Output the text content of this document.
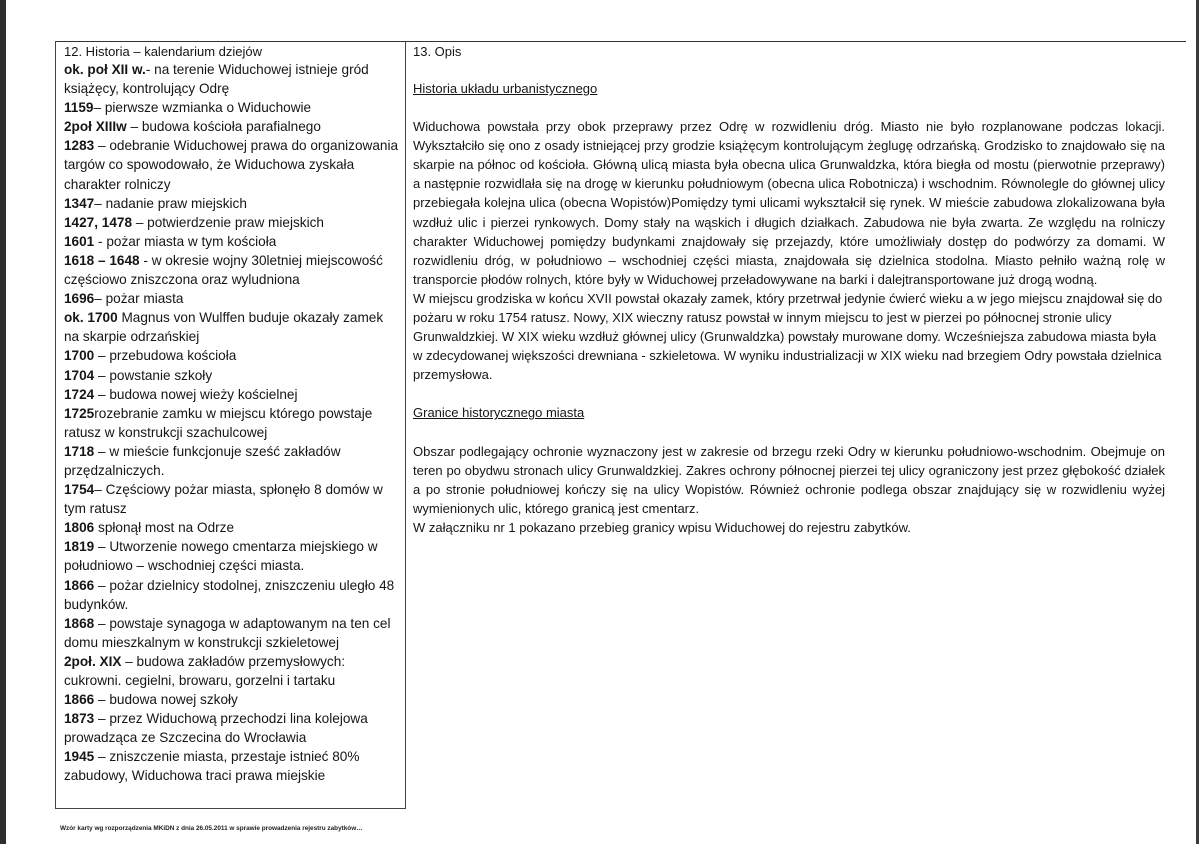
12. Historia – kalendarium dziejów
ok. poł XII w.- na terenie Widuchowej istnieje gród książęcy, kontrolujący Odrę
1159– pierwsze wzmianka o Widuchowie
2poł XIIIw – budowa kościoła parafialnego
1283 – odebranie Widuchowej prawa do organizowania targów co spowodowało, że Widuchowa zyskała charakter rolniczy
1347– nadanie praw miejskich
1427, 1478 – potwierdzenie praw miejskich
1601 - pożar miasta w tym kościoła
1618 – 1648 - w okresie wojny 30letniej miejscowość częściowo zniszczona oraz wyludniona
1696– pożar miasta
ok. 1700 Magnus von Wulffen buduje okazały zamek na skarpie odrzańskiej
1700 – przebudowa kościoła
1704 – powstanie szkoły
1724 – budowa nowej wieży kościelnej
1725rozebranie zamku w miejscu którego powstaje ratusz w konstrukcji szachulcowej
1718 – w mieście funkcjonuje sześć zakładów przędzalniczych.
1754– Częściowy pożar miasta, spłonęło 8 domów w tym ratusz
1806 spłonął most na Odrze
1819 – Utworzenie nowego cmentarza miejskiego w południowo – wschodniej części miasta.
1866 – pożar dzielnicy stodolnej, zniszczeniu uległo 48 budynków.
1868 – powstaje synagoga w adaptowanym na ten cel domu mieszkalnym w konstrukcji szkieletowej
2poł. XIX – budowa zakładów przemysłowych: cukrowni. cegielni, browaru, gorzelni i tartaku
1866 – budowa nowej szkoły
1873 – przez Widuchową przechodzi lina kolejowa prowadząca ze Szczecina do Wrocławia
1945 – zniszczenie miasta, przestaje istnieć 80% zabudowy, Widuchowa traci prawa miejskie
13. Opis
Historia układu urbanistycznego

Widuchowa powstała przy obok przeprawy przez Odrę w rozwidleniu dróg. Miasto nie było rozplanowane podczas lokacji. Wykształciło się ono z osady istniejącej przy grodzie książęcym kontrolującym żeglugę odrzańską. Grodzisko to znajdowało się na skarpie na północ od kościoła. Główną ulicą miasta była obecna ulica Grunwaldzka, która biegła od mostu (pierwotnie przeprawy) a następnie rozwidlała się na drogę w kierunku południowym (obecna ulica Robotnicza) i wschodnim. Równolegle do głównej ulicy przebiegała kolejna ulica (obecna Wopistów)Pomiędzy tymi ulicami wykształcił się rynek. W mieście zabudowa zlokalizowana była wzdłuż ulic i pierzei rynkowych. Domy stały na wąskich i długich działkach. Zabudowa nie była zwarta. Ze względu na rolniczy charakter Widuchowej pomiędzy budynkami znajdowały się przejazdy, które umożliwiały dostęp do podwórzy za domami. W rozwidleniu dróg, w południowo – wschodniej części miasta, znajdowała się dzielnica stodolna. Miasto pełniło ważną rolę w transporcie płodów rolnych, które były w Widuchowej przeładowywane na barki i dalejtransportowane już drogą wodną.

W miejscu grodziska w końcu XVII powstał okazały zamek, który przetrwał jedynie ćwierć wieku a w jego miejscu znajdował się do pożaru w roku 1754 ratusz. Nowy, XIX wieczny ratusz powstał w innym miejscu to jest w pierzei po północnej stronie ulicy Grunwaldzkiej. W XIX wieku wzdłuż głównej ulicy (Grunwaldzka) powstały murowane domy. Wcześniejsza zabudowa miasta była w zdecydowanej większości drewniana - szkieletowa. W wyniku industrializacji w XIX wieku nad brzegiem Odry powstała dzielnica przemysłowa.

Granice historycznego miasta

Obszar podlegający ochronie wyznaczony jest w zakresie od brzegu rzeki Odry w kierunku południowo-wschodnim. Obejmuje on teren po obydwu stronach ulicy Grunwaldzkiej. Zakres ochrony północnej pierzei tej ulicy ograniczony jest przez głębokość działek a po stronie południowej kończy się na ulicy Wopistów. Również ochronie podlega obszar znajdujący się w rozwidleniu wyżej wymienionych ulic, którego granicą jest cmentarz.

W załączniku nr 1 pokazano przebieg granicy wpisu Widuchowej do rejestru zabytków.

Wzór karty wg rozporządzenia MKiDN z dnia 26.05.2011 w sprawie prowadzenia rejestru zabytków…
